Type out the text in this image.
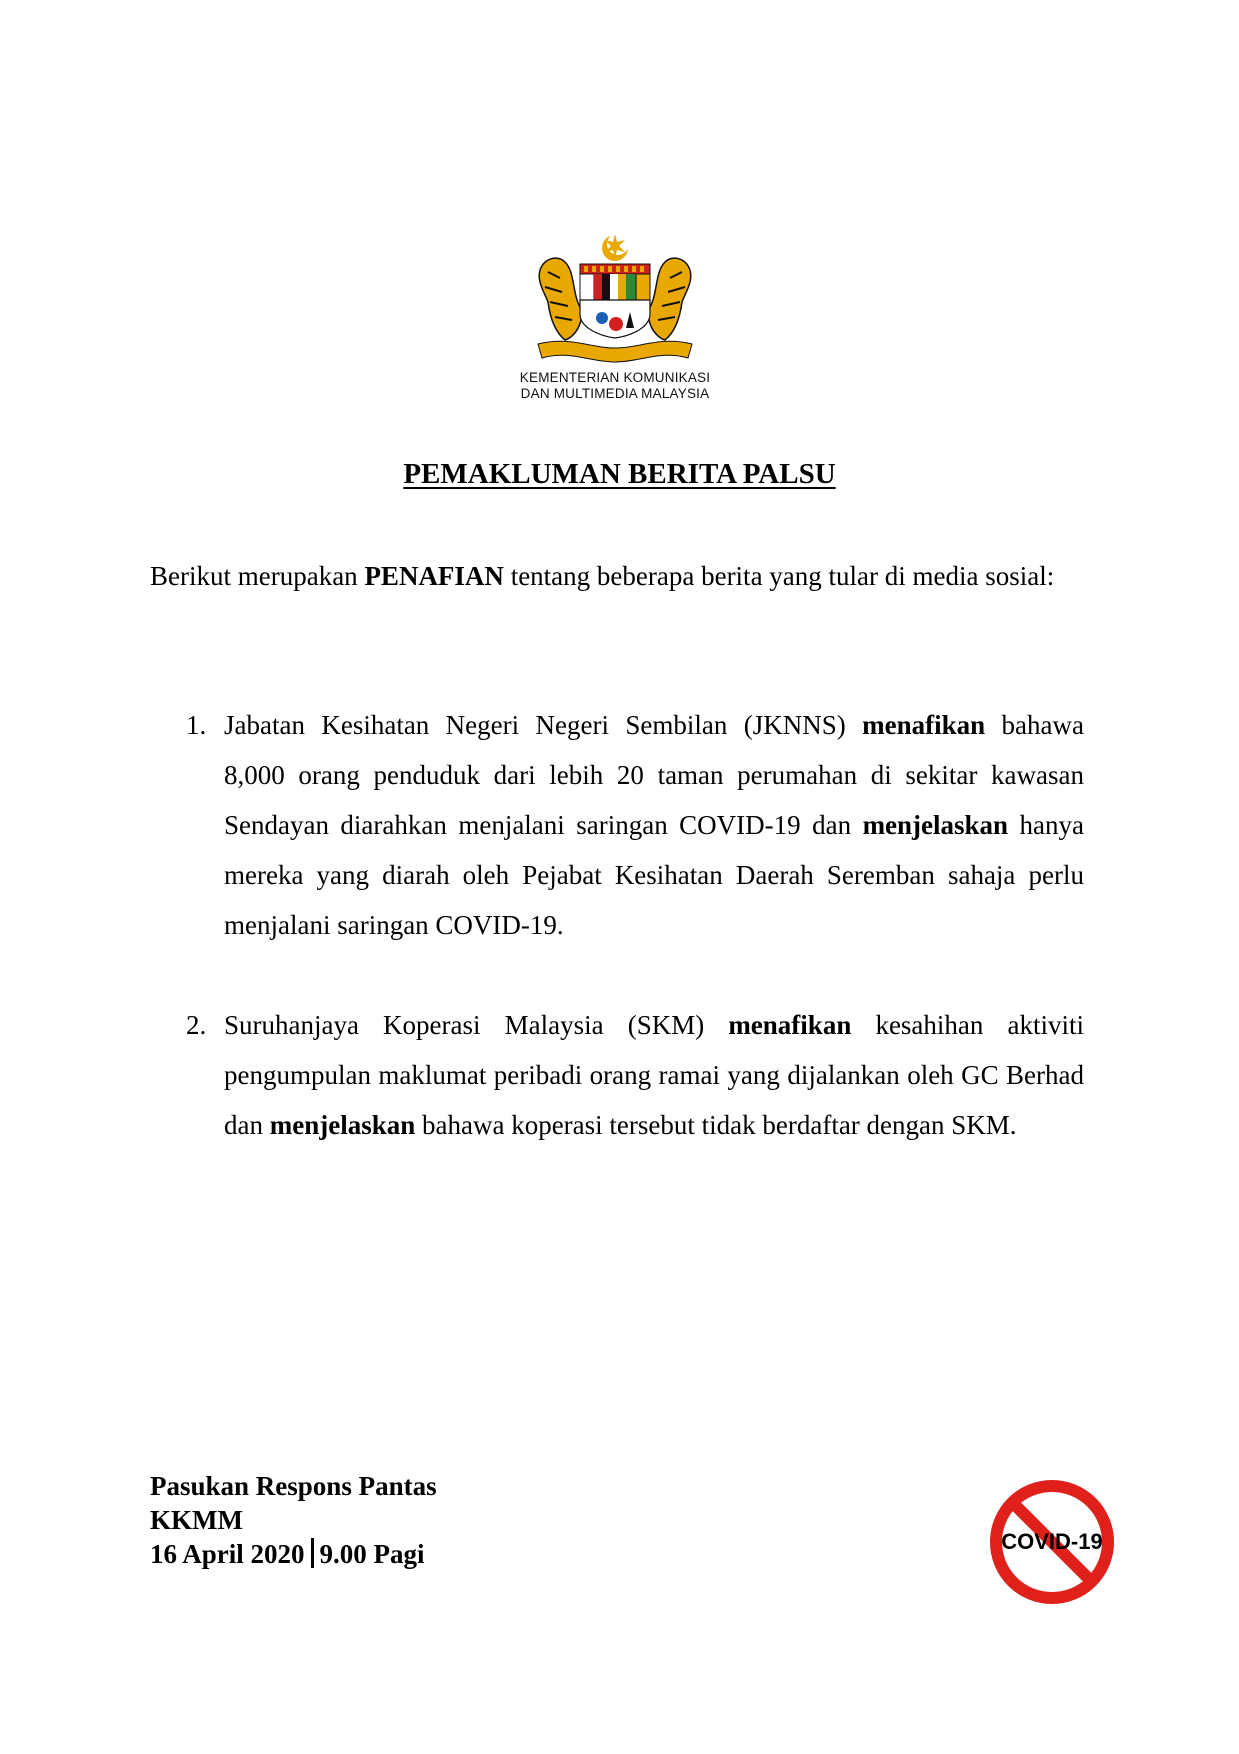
KEMENTERIAN KOMUNIKASI
DAN MULTIMEDIA MALAYSIA
PEMAKLUMAN BERITA PALSU
Berikut merupakan PENAFIAN tentang beberapa berita yang tular di media sosial:
1. Jabatan Kesihatan Negeri Negeri Sembilan (JKNNS) menafikan bahawa 8,000 orang penduduk dari lebih 20 taman perumahan di sekitar kawasan Sendayan diarahkan menjalani saringan COVID-19 dan menjelaskan hanya mereka yang diarah oleh Pejabat Kesihatan Daerah Seremban sahaja perlu menjalani saringan COVID-19.
2. Suruhanjaya Koperasi Malaysia (SKM) menafikan kesahihan aktiviti pengumpulan maklumat peribadi orang ramai yang dijalankan oleh GC Berhad dan menjelaskan bahawa koperasi tersebut tidak berdaftar dengan SKM.
Pasukan Respons Pantas
KKMM
16 April 2020 9.00 Pagi	COVID-19
